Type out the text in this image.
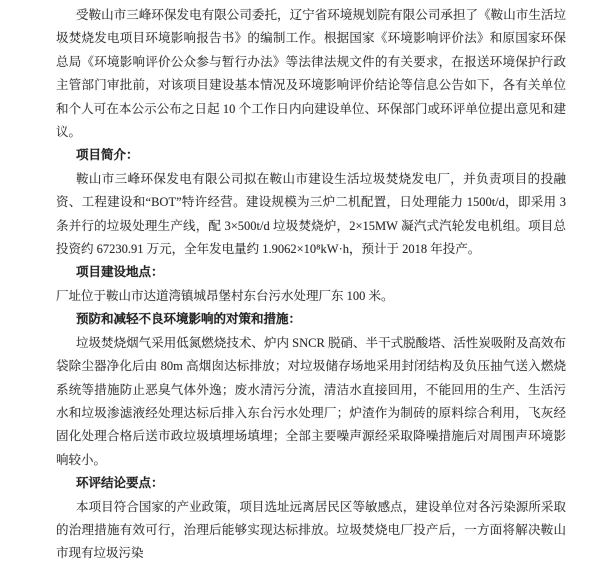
受鞍山市三峰环保发电有限公司委托，辽宁省环境规划院有限公司承担了《鞍山市生活垃圾焚烧发电项目环境影响报告书》的编制工作。根据国家《环境影响评价法》和原国家环保总局《环境影响评价公众参与暂行办法》等法律法规文件的有关要求，在报送环境保护行政主管部门审批前，对该项目建设基本情况及环境影响评价结论等信息公告如下，各有关单位和个人可在本公示公布之日起 10 个工作日内向建设单位、环保部门或环评单位提出意见和建议。

项目简介：

鞍山市三峰环保发电有限公司拟在鞍山市建设生活垃圾焚烧发电厂，并负责项目的投融资、工程建设和“BOT”特许经营。建设规模为三炉二机配置，日处理能力 1500t/d，即采用 3 条并行的垃圾处理生产线，配 3×500t/d 垃圾焚烧炉，2×15MW 凝汽式汽轮发电机组。项目总投资约 67230.91 万元，全年发电量约 1.9062×10⁸kW·h，预计于 2018 年投产。

项目建设地点：

厂址位于鞍山市达道湾镇城昂堡村东台污水处理厂东 100 米。

预防和减轻不良环境影响的对策和措施：

垃圾焚烧烟气采用低氮燃烧技术、炉内 SNCR 脱硝、半干式脱酸塔、活性炭吸附及高效布袋除尘器净化后由 80m 高烟囱达标排放；对垃圾储存场地采用封闭结构及负压抽气送入燃烧系统等措施防止恶臭气体外逸；废水清污分流，清洁水直接回用，不能回用的生产、生活污水和垃圾渗滤液经处理达标后排入东台污水处理厂；炉渣作为制砖的原料综合利用，飞灰经固化处理合格后送市政垃圾填埋场填埋；全部主要噪声源经采取降噪措施后对周围声环境影响较小。

环评结论要点：

本项目符合国家的产业政策，项目选址远离居民区等敏感点，建设单位对各污染源所采取的治理措施有效可行，治理后能够实现达标排放。垃圾焚烧电厂投产后，一方面将解决鞍山市现有垃圾污染
